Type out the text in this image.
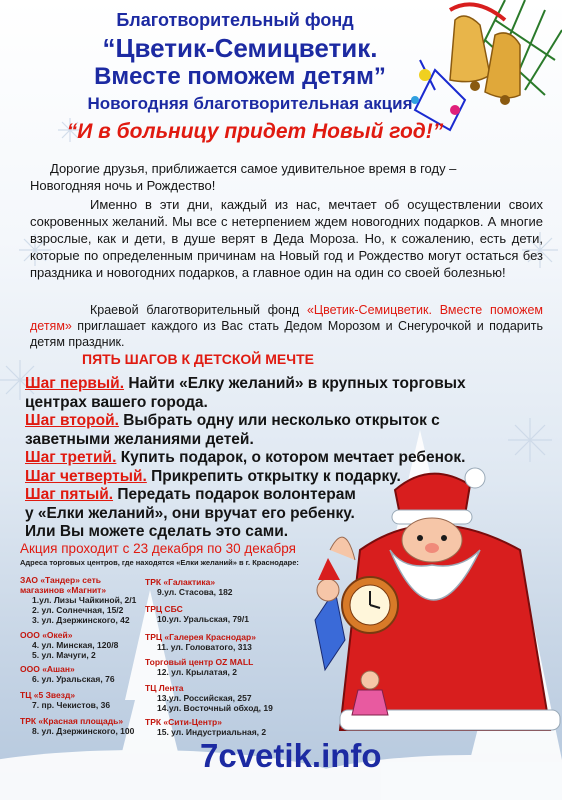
Благотворительный фонд
“Цветик-Семицветик.
Вместе поможем детям”
Новогодняя благотворительная акция
“И в больницу придет Новый год!”

Дорогие друзья, приближается самое удивительное время в году – Новогодняя ночь и Рождество!

Именно в эти дни, каждый из нас, мечтает об осуществлении своих сокровенных желаний. Мы все с нетерпением ждем новогодних подарков. А многие взрослые, как и дети, в душе верят в Деда Мороза. Но, к сожалению, есть дети, которые по определенным причинам на Новый год и Рождество могут остаться без праздника и новогодних подарков, а главное один на один со своей болезнью!

Краевой благотворительный фонд «Цветик-Семицветик. Вместе поможем детям» приглашает каждого из Вас стать Дедом Морозом и Снегурочкой и подарить детям праздник.

ПЯТЬ ШАГОВ К ДЕТСКОЙ МЕЧТЕ
Шаг первый. Найти «Елку желаний» в крупных торговых центрах вашего города.
Шаг второй. Выбрать одну или несколько открыток с заветными желаниями детей.
Шаг третий. Купить подарок, о котором мечтает ребенок.
Шаг четвертый. Прикрепить открытку к подарку.
Шаг пятый. Передать подарок волонтерам у «Елки желаний», они вручат его ребенку.
Или Вы можете сделать это сами.
Акция проходит с 23 декабря по 30 декабря
Адреса торговых центров, где находятся «Елки желаний» в г. Краснодаре:
ЗАО «Тандер» сеть магазинов «Магнит»
1.ул. Лизы Чайкиной, 2/1
2. ул. Солнечная, 15/2
3. ул. Дзержинского, 42
ООО «Окей»
4. ул. Минская, 120/8
5. ул. Мачуги, 2
ООО «Ашан»
6. ул. Уральская, 76
ТЦ «5 Звезд»
7. пр. Чекистов, 36
ТРК «Красная площадь»
8. ул. Дзержинского, 100
ТРК «Галактика»
9.ул. Стасова, 182
ТРЦ СБС
10.ул. Уральская, 79/1
ТРЦ «Галерея Краснодар»
11. ул. Головатого, 313
Торговый центр OZ MALL
12. ул. Крылатая, 2
ТЦ Лента
13.ул. Российская, 257
14.ул. Восточный обход, 19
ТРК «Сити-Центр»
15. ул. Индустриальная, 2
7cvetik.info
